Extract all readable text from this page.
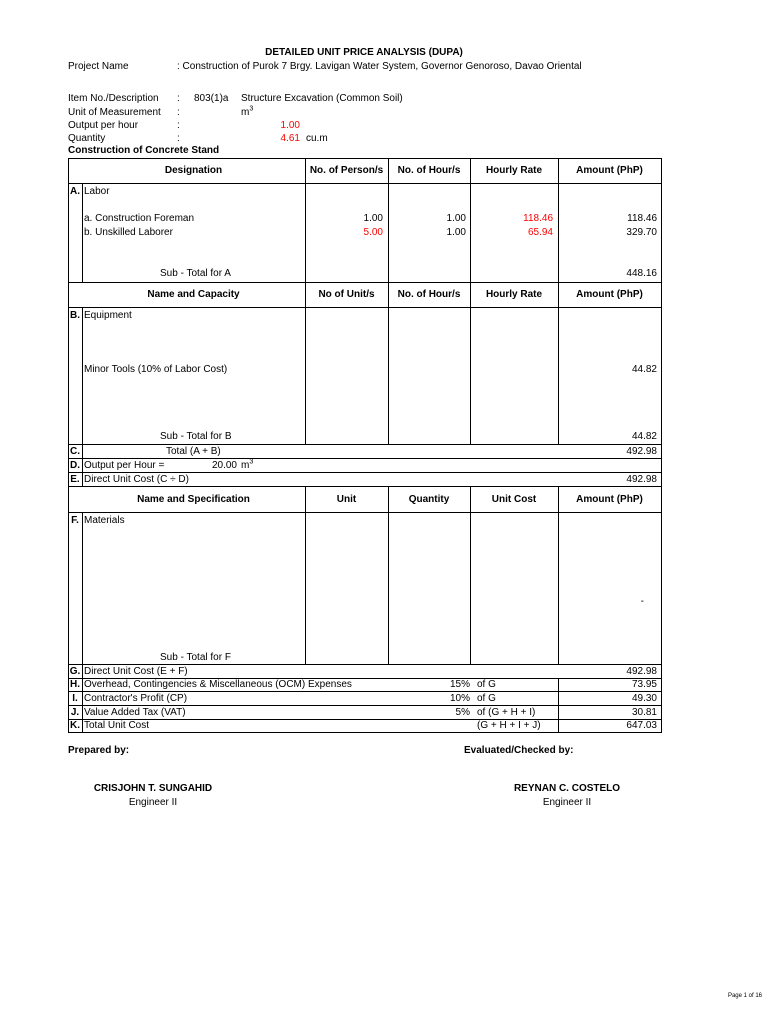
DETAILED UNIT PRICE ANALYSIS (DUPA)
Project Name	: Construction of Purok 7 Brgy. Lavigan Water System, Governor Genoroso, Davao Oriental
Item No./Description : 803(1)a Structure Excavation (Common Soil)
Unit of Measurement :	$m^3$
Output per hour	:	1.00
Quantity	:	4.61 cu.m
Construction of Concrete Stand
Designation	No. of Person/s	No. of Hour/s	Hourly Rate	Amount (PhP)
A. Labor
a. Construction Foreman	1.00	1.00	118.46	118.46
b. Unskilled Laborer	5.00	1.00	65.94	329.70
Sub - Total for A	448.16
Name and Capacity	No of Unit/s	No. of Hour/s	Hourly Rate	Amount (PhP)
B. Equipment
Minor Tools (10% of Labor Cost)	44.82
Sub - Total for B	44.82
C.	Total (A + B)	492.98
D. Output per Hour =	20.00 $m^3$
E. Direct Unit Cost (C ÷ D)	492.98
Name and Specification	Unit	Quantity	Unit Cost	Amount (PhP)
F. Materials
-
Sub - Total for F
G. Direct Unit Cost (E + F)	492.98
H. Overhead, Contingencies & Miscellaneous (OCM) Expenses	15% of G	73.95
I. Contractor's Profit (CP)	10% of G	49.30
J. Value Added Tax (VAT)	5% of (G + H + I)	30.81
K. Total Unit Cost	(G + H + I + J)	647.03
Prepared by:	Evaluated/Checked by:
CRISJOHN T. SUNGAHID
Engineer II
REYNAN C. COSTELO
Engineer II
Page 1 of 16
